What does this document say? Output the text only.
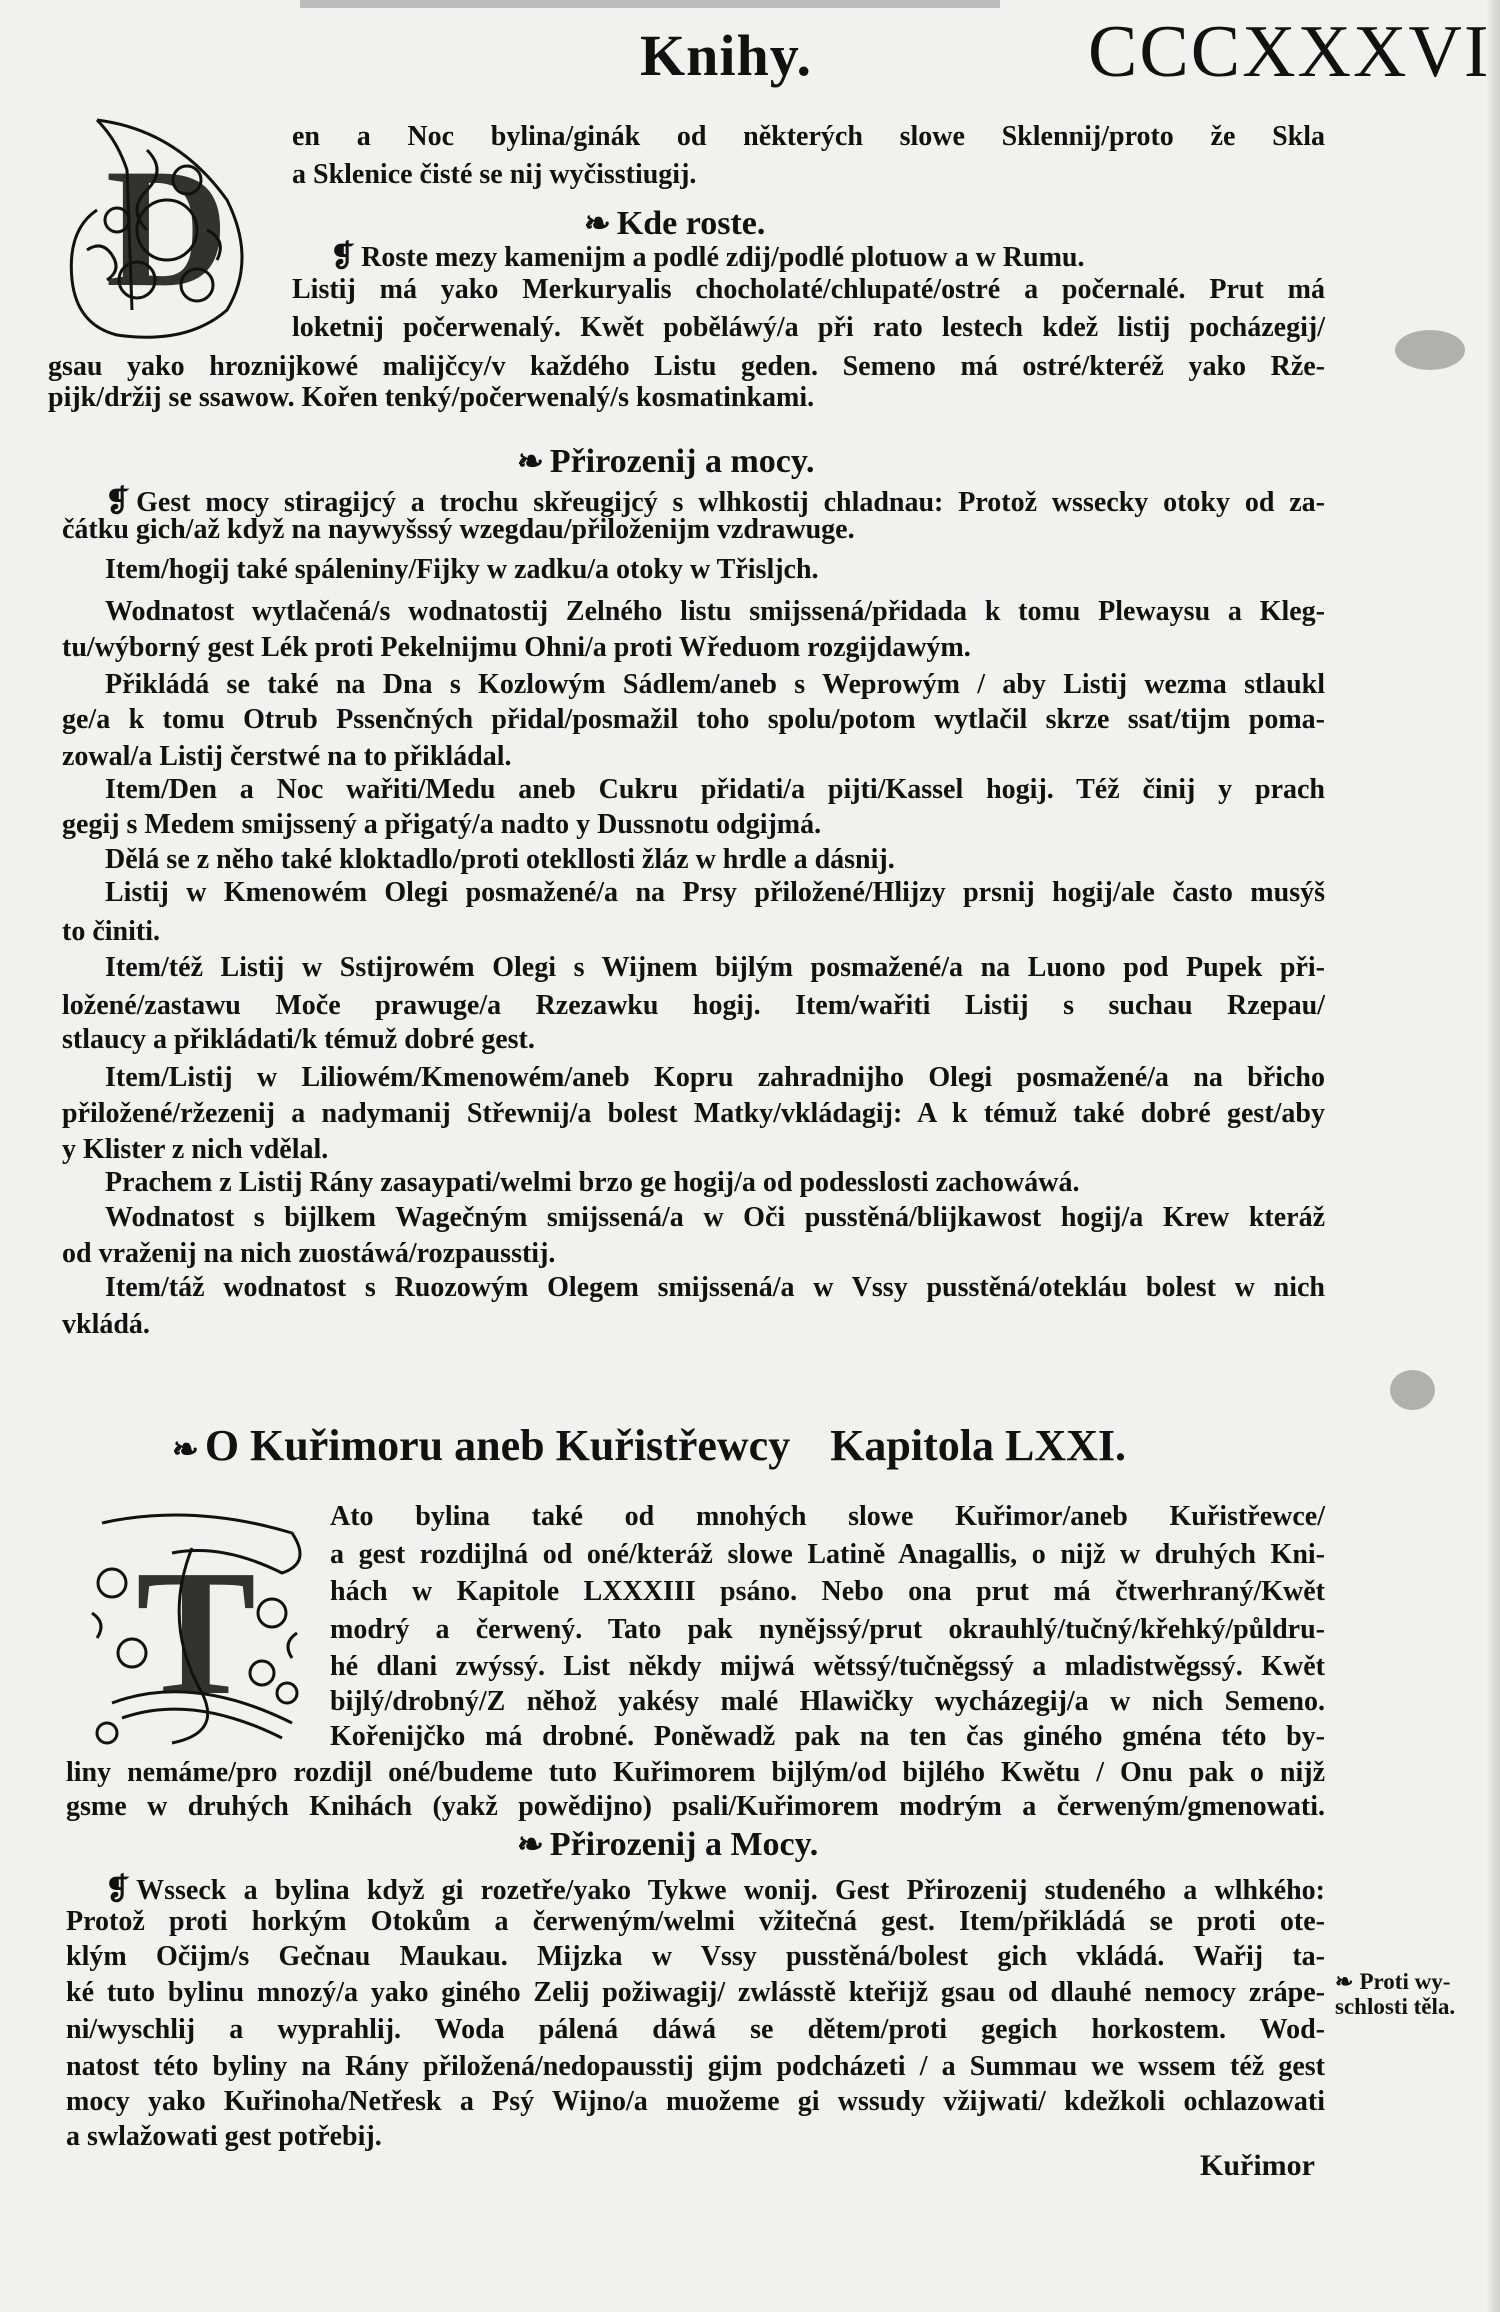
Knihy.	CCCXXXVI
D
T
❧ Kde roste.
❧ Přirozenij a mocy.
❧ O Kuřimoru aneb Kuřistřewcy Kapitola LXXI.
❧ Přirozenij a Mocy.
❧ Proti wy-
schlosti těla.
Kuřimor
en a Noc bylina/ginák od některých slowe Sklennij/proto že Skla
a Sklenice čisté se nij wyčisstiugij.
❡ Roste mezy kamenijm a podlé zdij/podlé plotuow a w Rumu.
Listij má yako Merkuryalis chocholaté/chlupaté/ostré a počernalé. Prut má
loketnij počerwenalý. Kwět poběláwý/a při rato lestech kdež listij pocházegij/
gsau yako hroznijkowé malijčcy/v každého Listu geden. Semeno má ostré/kteréž yako Rže-
pijk/držij se ssawow. Kořen tenký/počerwenalý/s kosmatinkami.
❡ Gest mocy stiragijcý a trochu skřeugijcý s wlhkostij chladnau: Protož wssecky otoky od za-
čátku gich/až když na naywyšssý wzegdau/přiloženijm vzdrawuge.
Item/hogij také spáleniny/Fijky w zadku/a otoky w Třisljch.
Wodnatost wytlačená/s wodnatostij Zelného listu smijssená/přidada k tomu Plewaysu a Kleg-
tu/wýborný gest Lék proti Pekelnijmu Ohni/a proti Wředuom rozgijdawým.
Přikládá se také na Dna s Kozlowým Sádlem/aneb s Weprowým / aby Listij wezma stlaukl
ge/a k tomu Otrub Pssenčných přidal/posmažil toho spolu/potom wytlačil skrze ssat/tijm poma-
zowal/a Listij čerstwé na to přikládal.
Item/Den a Noc wařiti/Medu aneb Cukru přidati/a pijti/Kassel hogij. Též činij y prach
gegij s Medem smijssený a přigatý/a nadto y Dussnotu odgijmá.
Dělá se z něho také kloktadlo/proti otekllosti žláz w hrdle a dásnij.
Listij w Kmenowém Olegi posmažené/a na Prsy přiložené/Hlijzy prsnij hogij/ale často musýš
to činiti.
Item/též Listij w Sstijrowém Olegi s Wijnem bijlým posmažené/a na Luono pod Pupek při-
ložené/zastawu Moče prawuge/a Rzezawku hogij. Item/wařiti Listij s suchau Rzepau/
stlaucy a přikládati/k témuž dobré gest.
Item/Listij w Liliowém/Kmenowém/aneb Kopru zahradnijho Olegi posmažené/a na břicho
přiložené/ržezenij a nadymanij Střewnij/a bolest Matky/vkládagij: A k témuž také dobré gest/aby
y Klister z nich vdělal.
Prachem z Listij Rány zasaypati/welmi brzo ge hogij/a od podesslosti zachowáwá.
Wodnatost s bijlkem Wagečným smijssená/a w Oči pusstěná/blijkawost hogij/a Krew kteráž
od vraženij na nich zuostáwá/rozpausstij.
Item/táž wodnatost s Ruozowým Olegem smijssená/a w Vssy pusstěná/otekláu bolest w nich
vkládá.
Ato bylina také od mnohých slowe Kuřimor/aneb Kuřistřewce/
a gest rozdijlná od oné/kteráž slowe Latině Anagallis, o nijž w druhých Kni-
hách w Kapitole LXXXIII psáno. Nebo ona prut má čtwerhraný/Kwět
modrý a čerwený. Tato pak nynějssý/prut okrauhlý/tučný/křehký/půldru-
hé dlani zwýssý. List někdy mijwá wětssý/tučněgssý a mladistwěgssý. Kwět
bijlý/drobný/Z něhož yakésy malé Hlawičky wycházegij/a w nich Semeno.
Kořenijčko má drobné. Poněwadž pak na ten čas giného gména této by-
liny nemáme/pro rozdijl oné/budeme tuto Kuřimorem bijlým/od bijlého Kwětu / Onu pak o nijž
gsme w druhých Knihách (yakž powědijno) psali/Kuřimorem modrým a čerweným/gmenowati.
❡ Wsseck a bylina když gi rozetře/yako Tykwe wonij. Gest Přirozenij studeného a wlhkého:
Protož proti horkým Otokům a čerweným/welmi vžitečná gest. Item/přikládá se proti ote-
klým Očijm/s Gečnau Maukau. Mijzka w Vssy pusstěná/bolest gich vkládá. Wařij ta-
ké tuto bylinu mnozý/a yako giného Zelij požiwagij/ zwlásstě kteřijž gsau od dlauhé nemocy zrápe-
ni/wyschlij a wyprahlij. Woda pálená dáwá se dětem/proti gegich horkostem. Wod-
natost této byliny na Rány přiložená/nedopausstij gijm podcházeti / a Summau we wssem též gest
mocy yako Kuřinoha/Netřesk a Psý Wijno/a muožeme gi wssudy vžijwati/ kdežkoli ochlazowati
a swlažowati gest potřebij.
